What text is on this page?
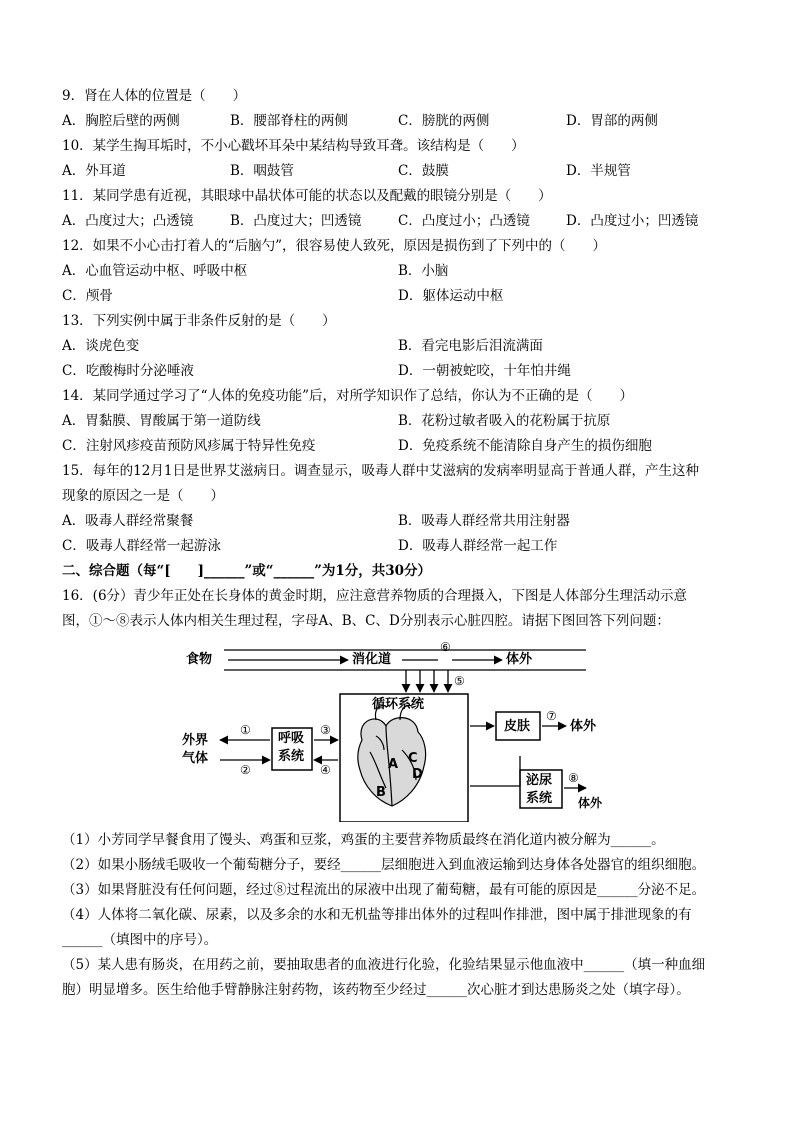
9．肾在人体的位置是（　　）
A．胸腔后壁的两侧	B．腰部脊柱的两侧	C．膀胱的两侧	D．胃部的两侧
10．某学生掏耳垢时，不小心戳坏耳朵中某结构导致耳聋。该结构是（　　）
A．外耳道	B．咽鼓管	C．鼓膜	D．半规管
11．某同学患有近视，其眼球中晶状体可能的状态以及配戴的眼镜分别是（　　）
A．凸度过大；凸透镜	B．凸度过大；凹透镜	C．凸度过小；凸透镜	D．凸度过小；凹透镜
12．如果不小心击打着人的“后脑勺”，很容易使人致死，原因是损伤到了下列中的（　　）
A．心血管运动中枢、呼吸中枢	B．小脑
C．颅骨	D．躯体运动中枢
13．下列实例中属于非条件反射的是（　　）
A．谈虎色变	B．看完电影后泪流满面
C．吃酸梅时分泌唾液	D．一朝被蛇咬，十年怕井绳
14．某同学通过学习了“人体的免疫功能”后，对所学知识作了总结，你认为不正确的是（　　）
A．胃黏膜、胃酸属于第一道防线	B．花粉过敏者吸入的花粉属于抗原
C．注射风疹疫苗预防风疹属于特异性免疫	D．免疫系统不能清除自身产生的损伤细胞
15．每年的12月1日是世界艾滋病日。调查显示，吸毒人群中艾滋病的发病率明显高于普通人群，产生这种
现象的原因之一是（　　）
A．吸毒人群经常聚餐	B．吸毒人群经常共用注射器
C．吸毒人群经常一起游泳	D．吸毒人群经常一起工作
二、综合题（每“[　　]______”或“______”为1分，共30分）
16．(6分）青少年正处在长身体的黄金时期，应注意营养物质的合理摄入，下图是人体部分生理活动示意
图，①～⑧表示人体内相关生理过程，字母A、B、C、D分别表示心脏四腔。请据下图回答下列问题：
食物	消化道
⑥
体外
⑤
循环系统
A
B
C
D
外界
气体
①
②
呼吸
系统
③
④
皮肤
⑦
体外
泌尿
系统
⑧
体外
（1）小芳同学早餐食用了馒头、鸡蛋和豆浆，鸡蛋的主要营养物质最终在消化道内被分解为______。
（2）如果小肠绒毛吸收一个葡萄糖分子，要经______层细胞进入到血液运输到达身体各处器官的组织细胞。
（3）如果肾脏没有任何问题，经过⑧过程流出的尿液中出现了葡萄糖，最有可能的原因是______分泌不足。
（4）人体将二氧化碳、尿素，以及多余的水和无机盐等排出体外的过程叫作排泄，图中属于排泄现象的有
______（填图中的序号）。
（5）某人患有肠炎，在用药之前，要抽取患者的血液进行化验，化验结果显示他血液中______（填一种血细
胞）明显增多。医生给他手臂静脉注射药物，该药物至少经过______次心脏才到达患肠炎之处（填字母）。
